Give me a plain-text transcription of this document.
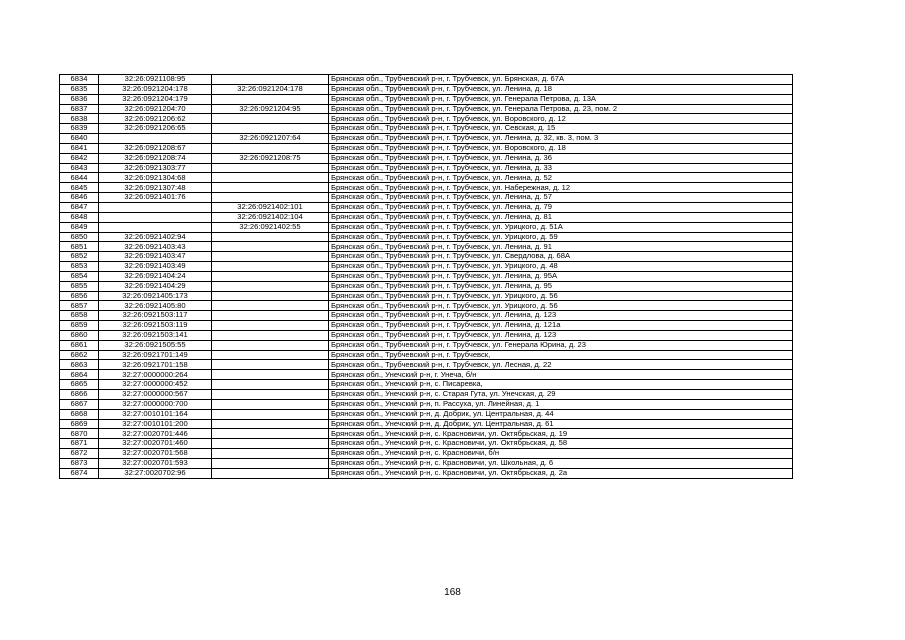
6834	32:26:0921108:95		Брянская обл., Трубчевский р-н, г. Трубчевск, ул. Брянская, д. 67А
6835	32:26:0921204:178	32:26:0921204:178	Брянская обл., Трубчевский р-н, г. Трубчевск, ул. Ленина, д. 18
6836	32:26:0921204:179		Брянская обл., Трубчевский р-н, г. Трубчевск, ул. Генерала Петрова, д. 13А
6837	32:26:0921204:70	32:26:0921204:95	Брянская обл., Трубчевский р-н, г. Трубчевск, ул. Генерала Петрова, д. 23, пом. 2
6838	32:26:0921206:62		Брянская обл., Трубчевский р-н, г. Трубчевск, ул. Воровского, д. 12
6839	32:26:0921206:65		Брянская обл., Трубчевский р-н, г. Трубчевск, ул. Севская, д. 15
6840		32:26:0921207:64	Брянская обл., Трубчевский р-н, г. Трубчевск, ул. Ленина, д. 32, кв. 3, пом. 3
6841	32:26:0921208:67		Брянская обл., Трубчевский р-н, г. Трубчевск, ул. Воровского, д. 18
6842	32:26:0921208:74	32:26:0921208:75	Брянская обл., Трубчевский р-н, г. Трубчевск, ул. Ленина, д. 36
6843	32:26:0921303:77		Брянская обл., Трубчевский р-н, г. Трубчевск, ул. Ленина, д. 33
6844	32:26:0921304:68		Брянская обл., Трубчевский р-н, г. Трубчевск, ул. Ленина, д. 52
6845	32:26:0921307:48		Брянская обл., Трубчевский р-н, г. Трубчевск, ул. Набережная, д. 12
6846	32:26:0921401:76		Брянская обл., Трубчевский р-н, г. Трубчевск, ул. Ленина, д. 57
6847		32:26:0921402:101	Брянская обл., Трубчевский р-н, г. Трубчевск, ул. Ленина, д. 79
6848		32:26:0921402:104	Брянская обл., Трубчевский р-н, г. Трубчевск, ул. Ленина, д. 81
6849		32:26:0921402:55	Брянская обл., Трубчевский р-н, г. Трубчевск, ул. Урицкого, д. 51А
6850	32:26:0921402:94		Брянская обл., Трубчевский р-н, г. Трубчевск, ул. Урицкого, д. 59
6851	32:26:0921403:43		Брянская обл., Трубчевский р-н, г. Трубчевск, ул. Ленина, д. 91
6852	32:26:0921403:47		Брянская обл., Трубчевский р-н, г. Трубчевск, ул. Свердлова, д. 68А
6853	32:26:0921403:49		Брянская обл., Трубчевский р-н, г. Трубчевск, ул. Урицкого, д. 48
6854	32:26:0921404:24		Брянская обл., Трубчевский р-н, г. Трубчевск, ул. Ленина, д. 95А
6855	32:26:0921404:29		Брянская обл., Трубчевский р-н, г. Трубчевск, ул. Ленина, д. 95
6856	32:26:0921405:173		Брянская обл., Трубчевский р-н, г. Трубчевск, ул. Урицкого, д. 56
6857	32:26:0921405:80		Брянская обл., Трубчевский р-н, г. Трубчевск, ул. Урицкого, д. 56
6858	32:26:0921503:117		Брянская обл., Трубчевский р-н, г. Трубчевск, ул. Ленина, д. 123
6859	32:26:0921503:119		Брянская обл., Трубчевский р-н, г. Трубчевск, ул. Ленина, д. 121а
6860	32:26:0921503:141		Брянская обл., Трубчевский р-н, г. Трубчевск, ул. Ленина, д. 123
6861	32:26:0921505:55		Брянская обл., Трубчевский р-н, г. Трубчевск, ул. Генерала Юрина, д. 23
6862	32:26:0921701:149		Брянская обл., Трубчевский р-н, г. Трубчевск,
6863	32:26:0921701:158		Брянская обл., Трубчевский р-н, г. Трубчевск, ул. Лесная, д. 22
6864	32:27:0000000:264		Брянская обл., Унечский р-н, г. Унеча, б/н
6865	32:27:0000000:452		Брянская обл., Унечский р-н, с. Писаревка,
6866	32:27:0000000:567		Брянская обл., Унечский р-н, с. Старая Гута, ул. Унечская, д. 29
6867	32:27:0000000:700		Брянская обл., Унечский р-н, п. Рассуха, ул. Линейная, д. 1
6868	32:27:0010101:164		Брянская обл., Унечский р-н, д. Добрик, ул. Центральная, д. 44
6869	32:27:0010101:200		Брянская обл., Унечский р-н, д. Добрик, ул. Центральная, д. 61
6870	32:27:0020701:446		Брянская обл., Унечский р-н, с. Красновичи, ул. Октябрьская, д. 19
6871	32:27:0020701:460		Брянская обл., Унечский р-н, с. Красновичи, ул. Октябрьская, д. 58
6872	32:27:0020701:568		Брянская обл., Унечский р-н, с. Красновичи, б/н
6873	32:27:0020701:593		Брянская обл., Унечский р-н, с. Красновичи, ул. Школьная, д. 6
6874	32:27:0020702:96		Брянская обл., Унечский р-н, с. Красновичи, ул. Октябрьская, д. 2а
168
